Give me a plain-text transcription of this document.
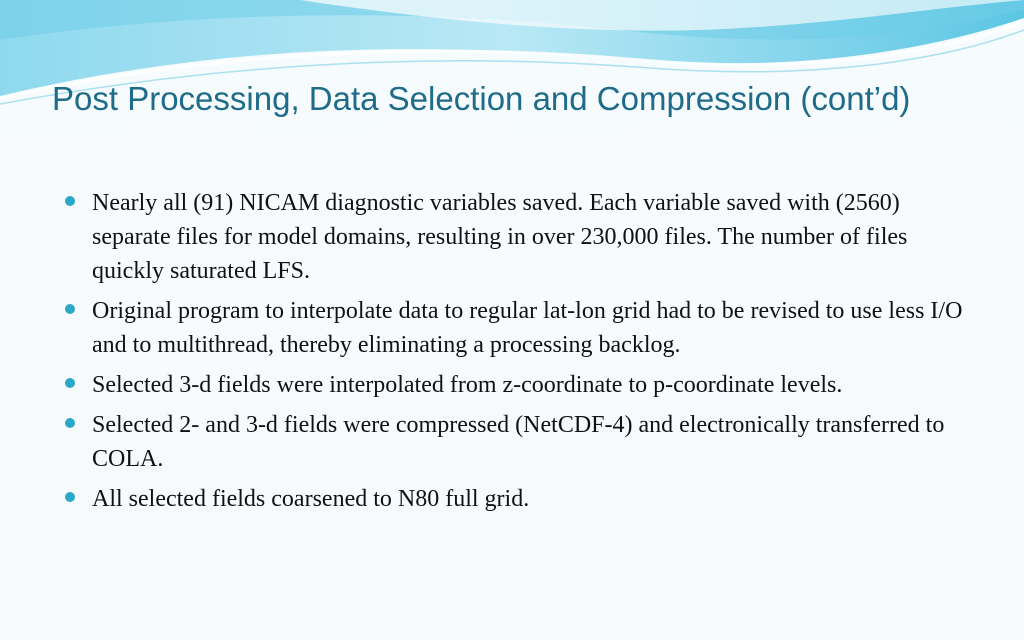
Post Processing, Data Selection and Compression (cont’d)
Nearly all (91) NICAM diagnostic variables saved. Each variable saved with (2560) separate files for model domains, resulting in over 230,000 files. The number of files quickly saturated LFS.
Original program to interpolate data to regular lat-lon grid had to be revised to use less I/O and to multithread, thereby eliminating a processing backlog.
Selected 3-d fields were interpolated from z-coordinate to p-coordinate levels.
Selected 2- and 3-d fields were compressed (NetCDF-4) and electronically transferred to COLA.
All selected fields coarsened to N80 full grid.
